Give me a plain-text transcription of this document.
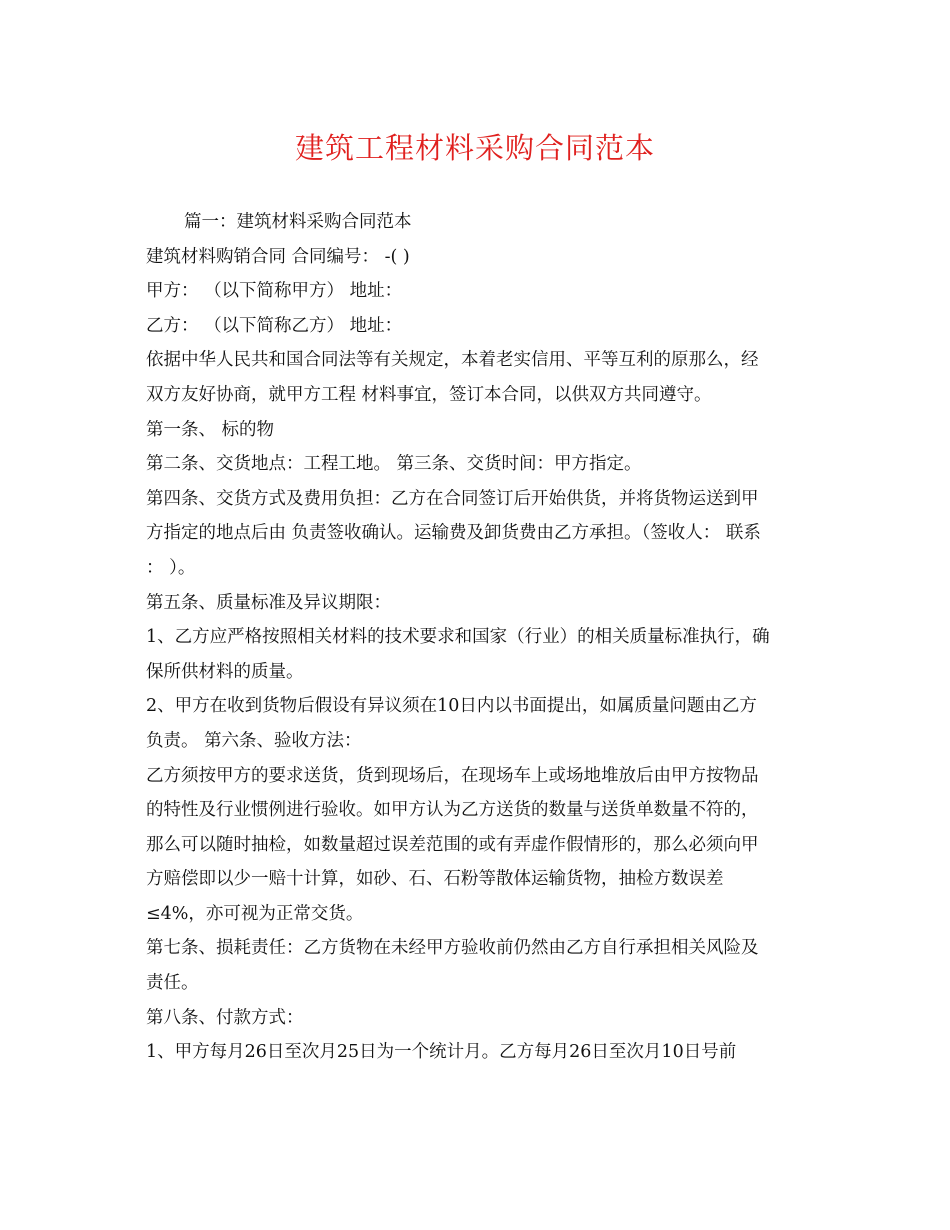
建筑工程材料采购合同范本
篇一：建筑材料采购合同范本
建筑材料购销合同 合同编号： -( )
甲方： （以下简称甲方） 地址：
乙方： （以下简称乙方） 地址：
依据中华人民共和国合同法等有关规定，本着老实信用、平等互利的原那么，经
双方友好协商，就甲方工程 材料事宜，签订本合同，以供双方共同遵守。
第一条、 标的物
第二条、交货地点：工程工地。 第三条、交货时间：甲方指定。
第四条、交货方式及费用负担：乙方在合同签订后开始供货，并将货物运送到甲
方指定的地点后由 负责签收确认。运输费及卸货费由乙方承担。（签收人： 联系
： ）。
第五条、质量标准及异议期限：
1、乙方应严格按照相关材料的技术要求和国家（行业）的相关质量标准执行，确
保所供材料的质量。
2、甲方在收到货物后假设有异议须在10日内以书面提出，如属质量问题由乙方
负责。 第六条、验收方法：
乙方须按甲方的要求送货，货到现场后，在现场车上或场地堆放后由甲方按物品
的特性及行业惯例进行验收。如甲方认为乙方送货的数量与送货单数量不符的，
那么可以随时抽检，如数量超过误差范围的或有弄虚作假情形的，那么必须向甲
方赔偿即以少一赔十计算，如砂、石、石粉等散体运输货物，抽检方数误差
≤4%，亦可视为正常交货。
第七条、损耗责任：乙方货物在未经甲方验收前仍然由乙方自行承担相关风险及
责任。
第八条、付款方式：
1、甲方每月26日至次月25日为一个统计月。乙方每月26日至次月10日号前
